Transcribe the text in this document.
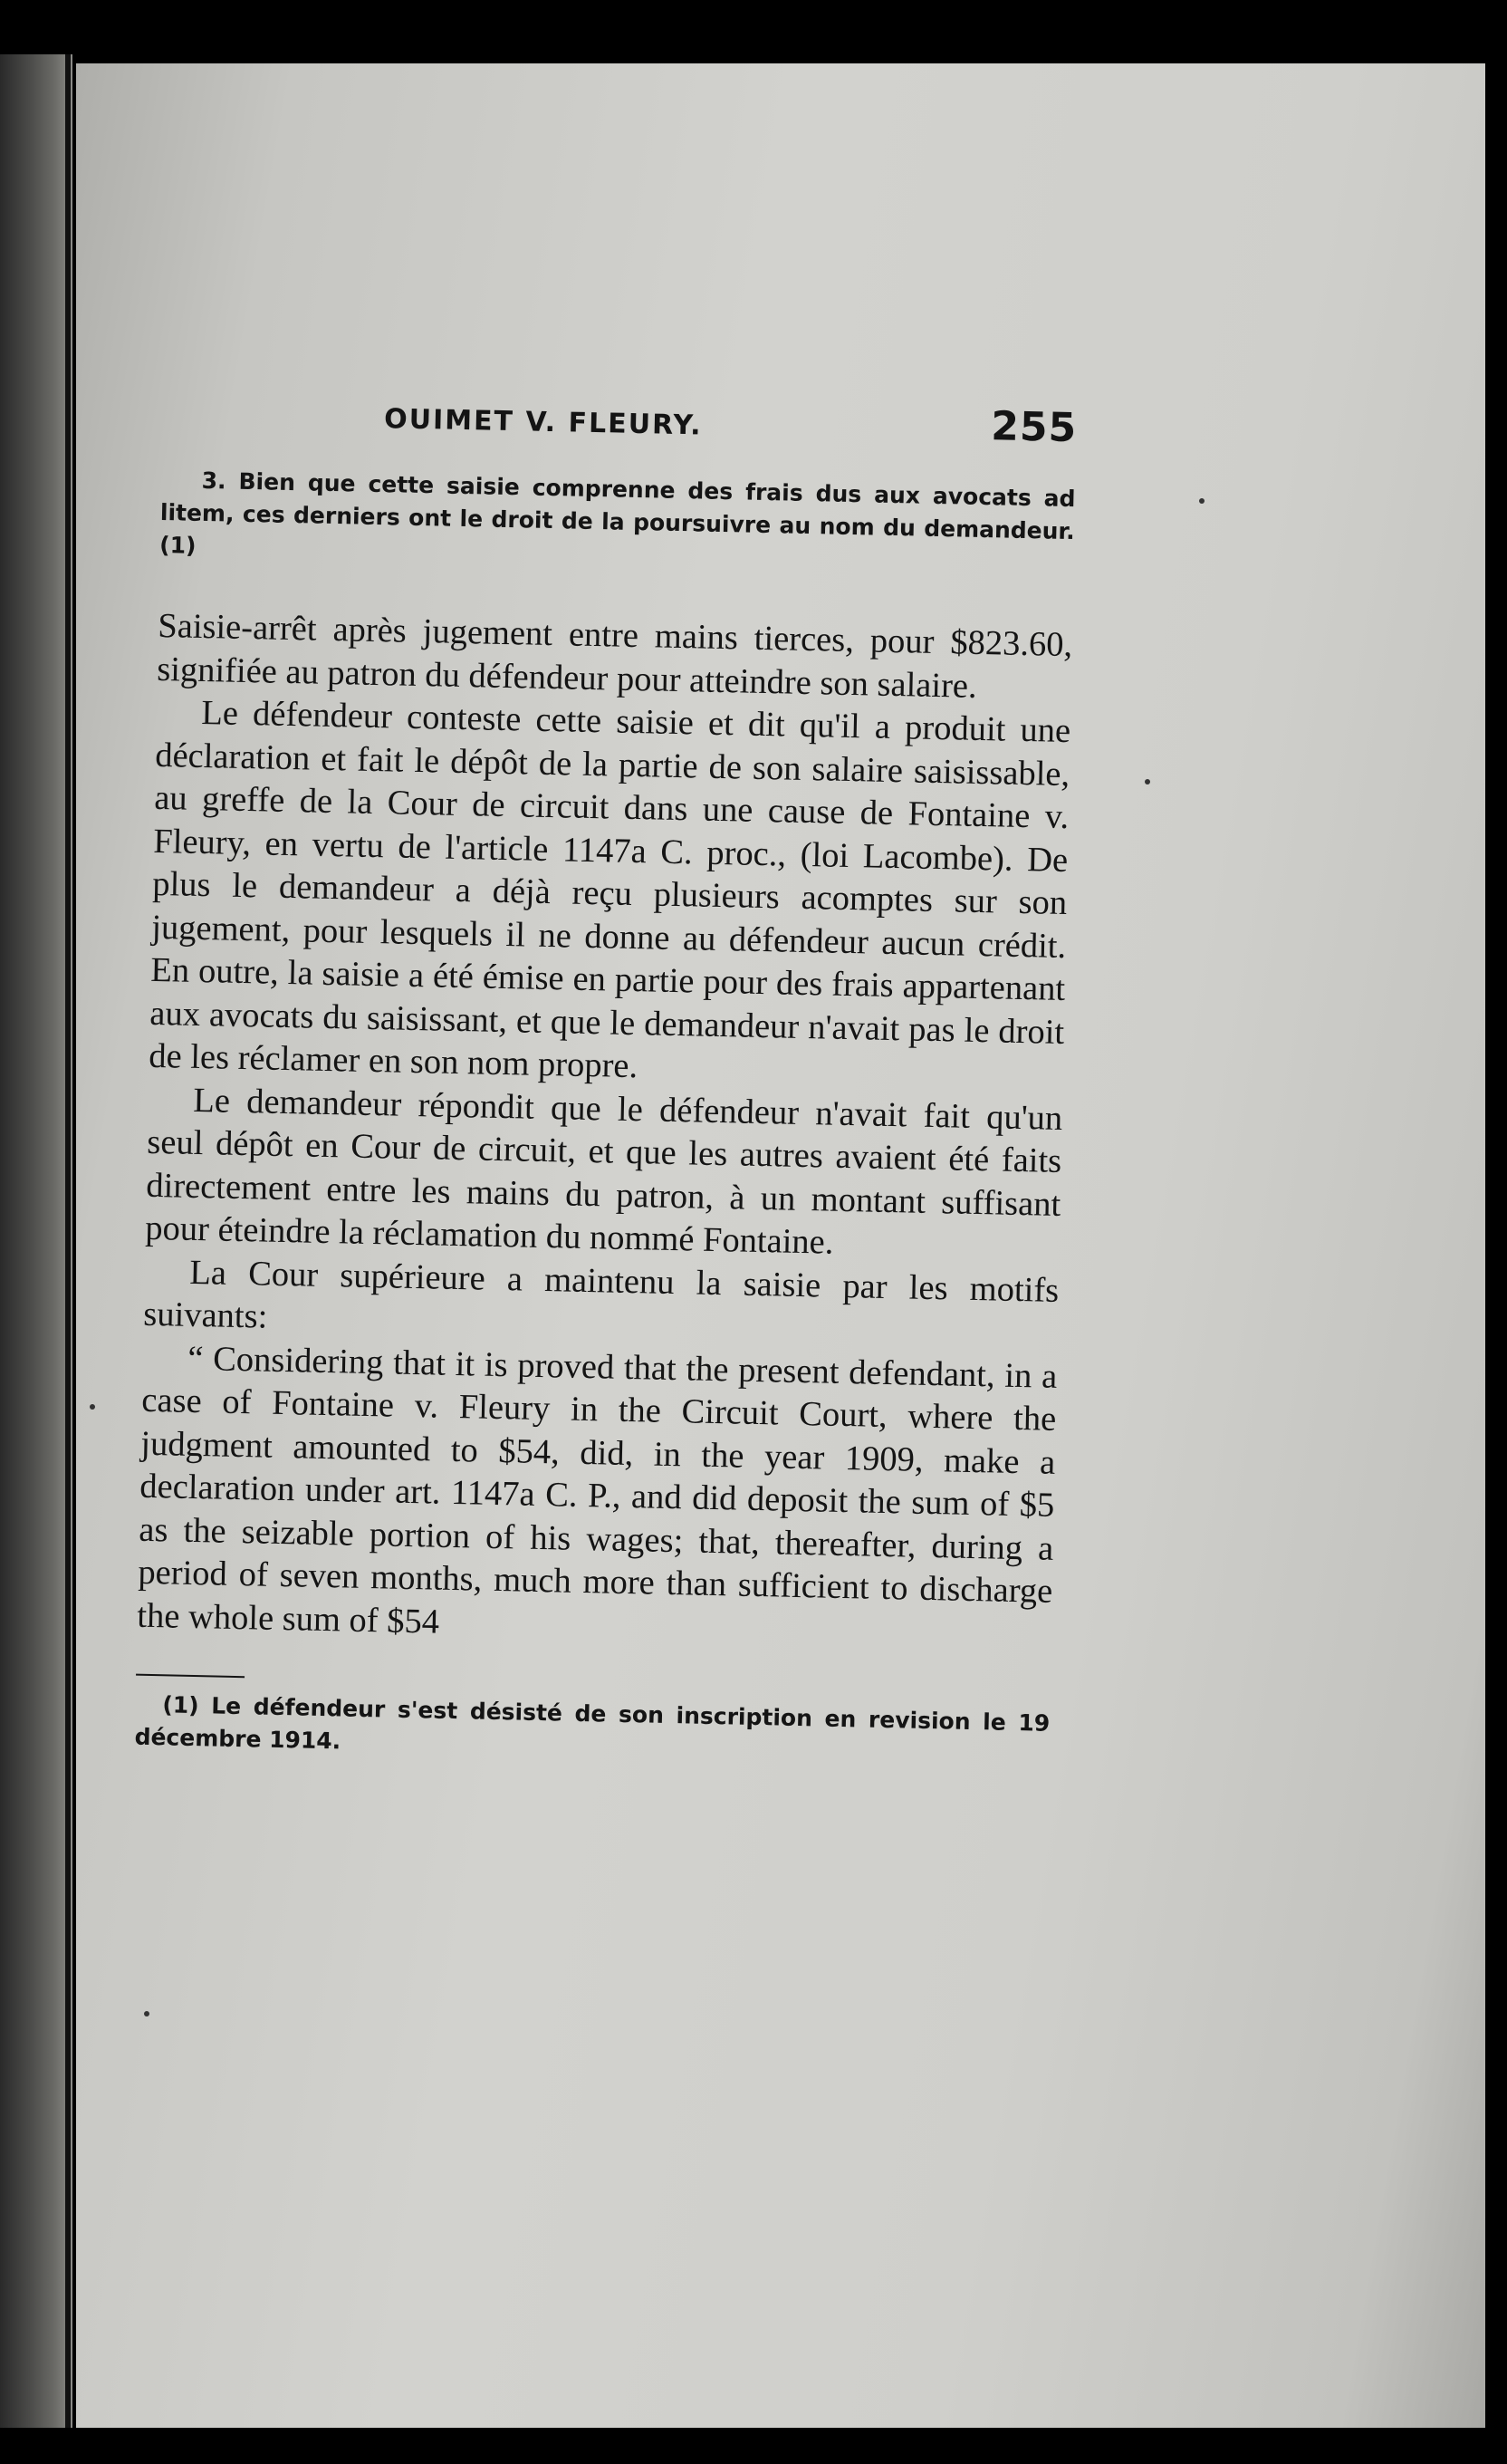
OUIMET V. FLEURY.	255

3. Bien que cette saisie comprenne des frais dus aux avocats ad litem, ces derniers ont le droit de la poursuivre au nom du demandeur. (1)

Saisie-arrêt après jugement entre mains tierces, pour $823.60, signifiée au patron du défendeur pour atteindre son salaire.

Le défendeur conteste cette saisie et dit qu'il a produit une déclaration et fait le dépôt de la partie de son salaire saisissable, au greffe de la Cour de circuit dans une cause de Fontaine v. Fleury, en vertu de l'article 1147a C. proc., (loi Lacombe). De plus le demandeur a déjà reçu plusieurs acomptes sur son jugement, pour lesquels il ne donne au défendeur aucun crédit. En outre, la saisie a été émise en partie pour des frais appartenant aux avocats du saisissant, et que le demandeur n'avait pas le droit de les réclamer en son nom propre.

Le demandeur répondit que le défendeur n'avait fait qu'un seul dépôt en Cour de circuit, et que les autres avaient été faits directement entre les mains du patron, à un montant suffisant pour éteindre la réclamation du nommé Fontaine.

La Cour supérieure a maintenu la saisie par les motifs suivants:

“ Considering that it is proved that the present defendant, in a case of Fontaine v. Fleury in the Circuit Court, where the judgment amounted to $54, did, in the year 1909, make a declaration under art. 1147a C. P., and did deposit the sum of $5 as the seizable portion of his wages; that, thereafter, during a period of seven months, much more than sufficient to discharge the whole sum of $54

(1) Le défendeur s'est désisté de son inscription en revision le 19 décembre 1914.
